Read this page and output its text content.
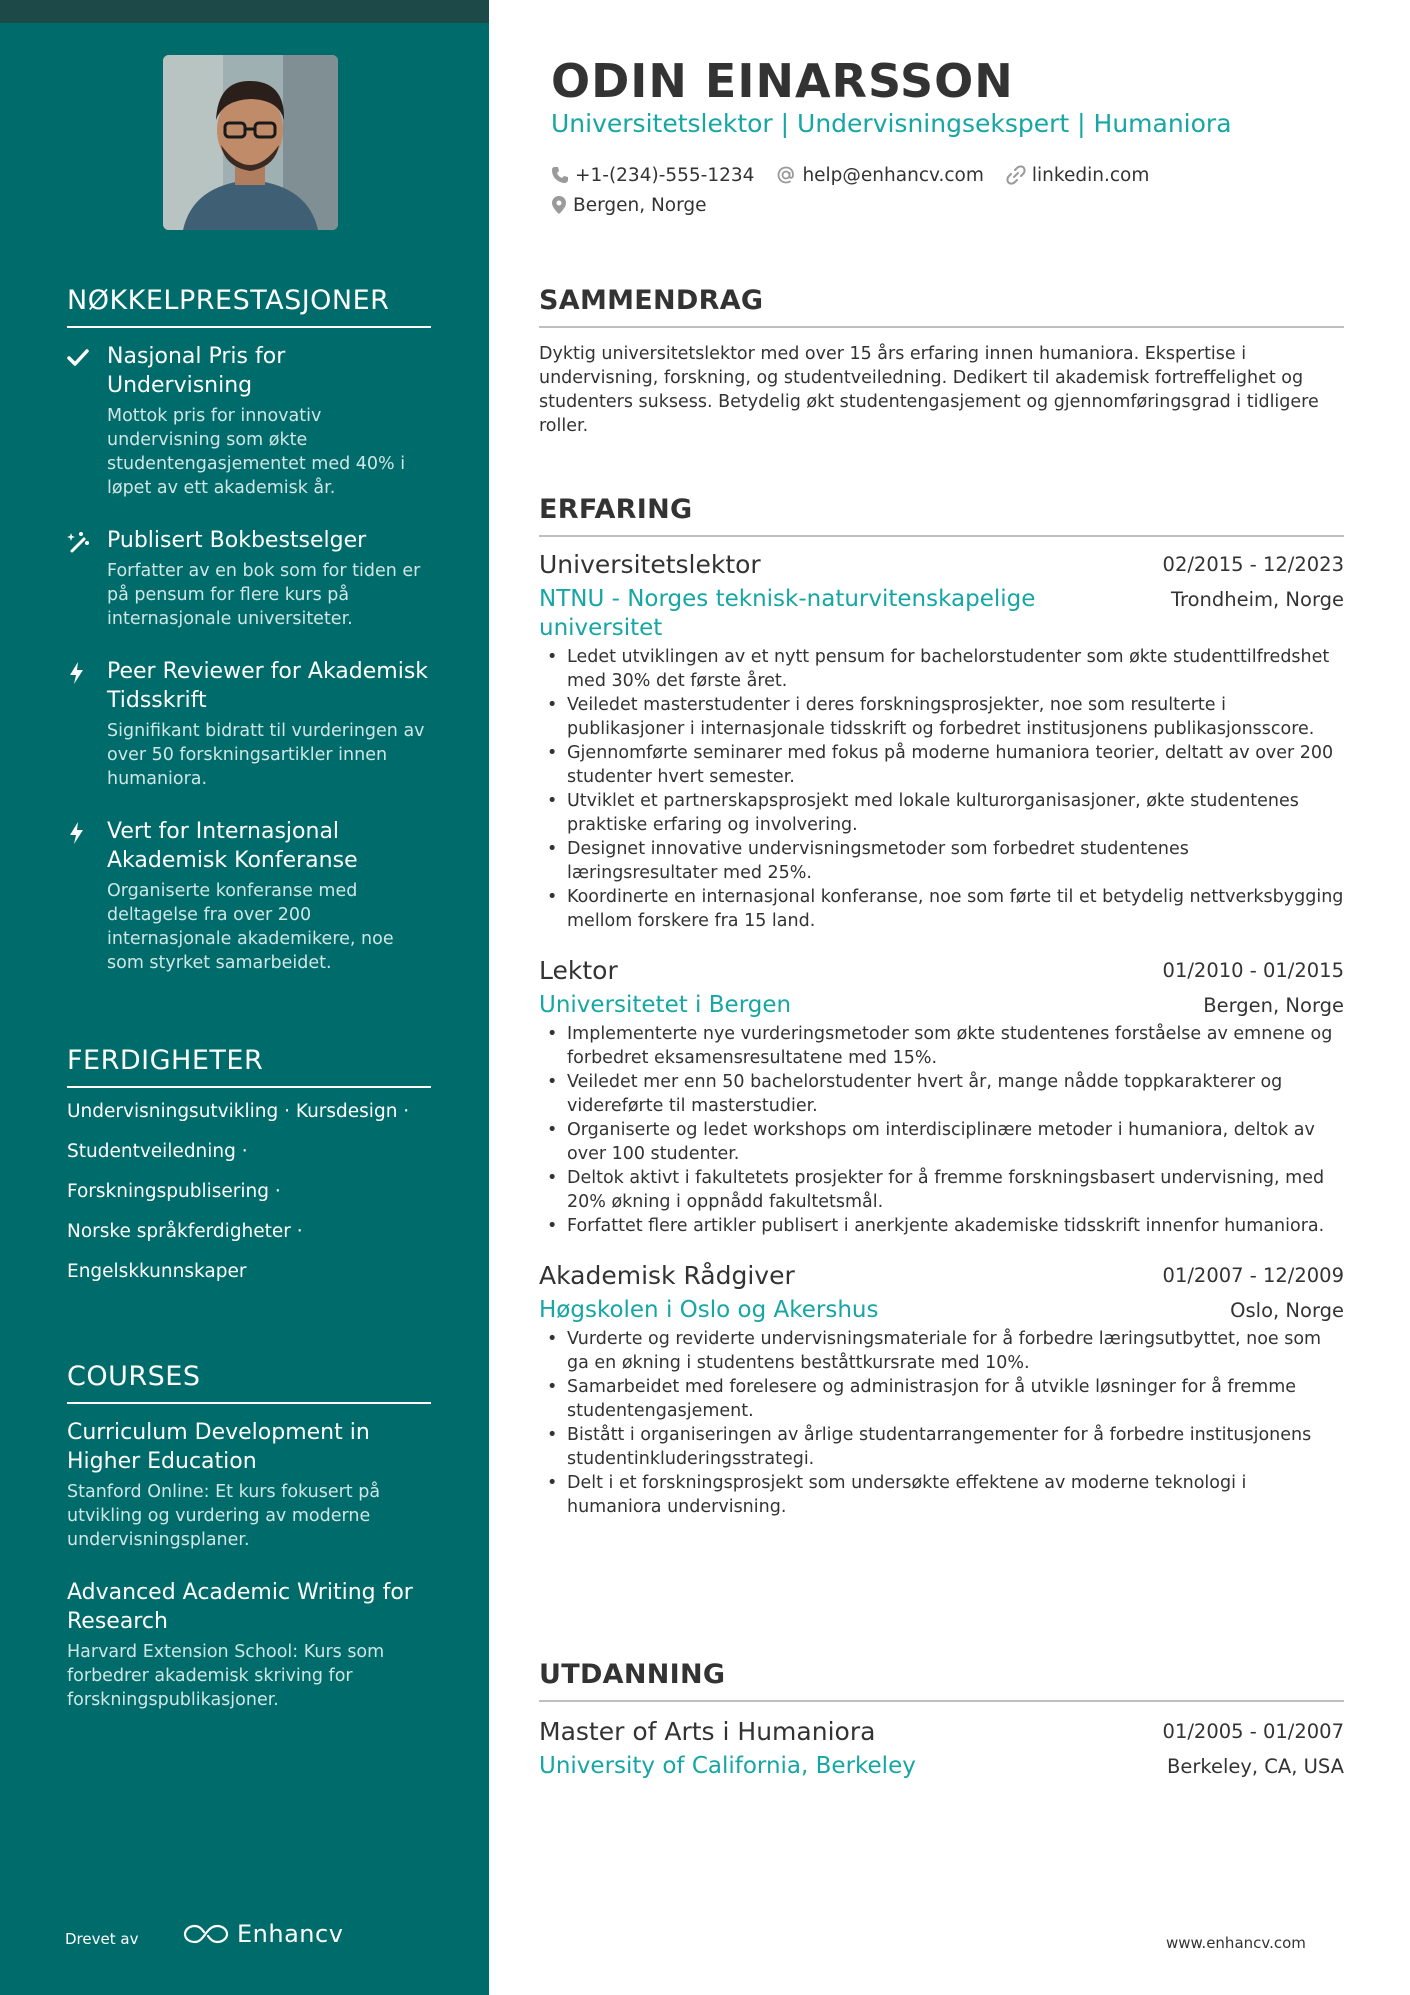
NØKKELPRESTASJONER
Nasjonal Pris for Undervisning
Mottok pris for innovativ undervisning som økte studentengasjementet med 40% i løpet av ett akademisk år.
Publisert Bokbestselger
Forfatter av en bok som for tiden er på pensum for flere kurs på internasjonale universiteter.
Peer Reviewer for Akademisk Tidsskrift
Signifikant bidratt til vurderingen av over 50 forskningsartikler innen humaniora.
Vert for Internasjonal Akademisk Konferanse
Organiserte konferanse med deltagelse fra over 200 internasjonale akademikere, noe som styrket samarbeidet.
FERDIGHETER
Undervisningsutvikling · Kursdesign ·
Studentveiledning ·
Forskningspublisering ·
Norske språkferdigheter ·
Engelskkunnskaper
COURSES
Curriculum Development in Higher Education
Stanford Online: Et kurs fokusert på utvikling og vurdering av moderne undervisningsplaner.
Advanced Academic Writing for Research
Harvard Extension School: Kurs som forbedrer akademisk skriving for forskningspublikasjoner.
Drevet av	Enhancv
ODIN EINARSSON
Universitetslektor | Undervisningsekspert | Humaniora
+1-(234)-555-1234	help@enhancv.com	linkedin.com
Bergen, Norge
SAMMENDRAG

Dyktig universitetslektor med over 15 års erfaring innen humaniora. Ekspertise i undervisning, forskning, og studentveiledning. Dedikert til akademisk fortreffelighet og studenters suksess. Betydelig økt studentengasjement og gjennomføringsgrad i tidligere roller.

ERFARING
Universitetslektor	02/2015 - 12/2023
NTNU - Norges teknisk-naturvitenskapelige universitet
Trondheim, Norge
• Ledet utviklingen av et nytt pensum for bachelorstudenter som økte studenttilfredshet med 30% det første året.
• Veiledet masterstudenter i deres forskningsprosjekter, noe som resulterte i publikasjoner i internasjonale tidsskrift og forbedret institusjonens publikasjonsscore.
• Gjennomførte seminarer med fokus på moderne humaniora teorier, deltatt av over 200 studenter hvert semester.
• Utviklet et partnerskapsprosjekt med lokale kulturorganisasjoner, økte studentenes praktiske erfaring og involvering.
• Designet innovative undervisningsmetoder som forbedret studentenes læringsresultater med 25%.
• Koordinerte en internasjonal konferanse, noe som førte til et betydelig nettverksbygging mellom forskere fra 15 land.
Lektor	01/2010 - 01/2015
Universitetet i Bergen	Bergen, Norge
• Implementerte nye vurderingsmetoder som økte studentenes forståelse av emnene og forbedret eksamensresultatene med 15%.
• Veiledet mer enn 50 bachelorstudenter hvert år, mange nådde toppkarakterer og videreførte til masterstudier.
• Organiserte og ledet workshops om interdisciplinære metoder i humaniora, deltok av over 100 studenter.
• Deltok aktivt i fakultetets prosjekter for å fremme forskningsbasert undervisning, med 20% økning i oppnådd fakultetsmål.
• Forfattet flere artikler publisert i anerkjente akademiske tidsskrift innenfor humaniora.
Akademisk Rådgiver	01/2007 - 12/2009
Høgskolen i Oslo og Akershus	Oslo, Norge
• Vurderte og reviderte undervisningsmateriale for å forbedre læringsutbyttet, noe som ga en økning i studentens beståttkursrate med 10%.
• Samarbeidet med forelesere og administrasjon for å utvikle løsninger for å fremme studentengasjement.
• Bistått i organiseringen av årlige studentarrangementer for å forbedre institusjonens studentinkluderingsstrategi.
• Delt i et forskningsprosjekt som undersøkte effektene av moderne teknologi i humaniora undervisning.
UTDANNING
Master of Arts i Humaniora	01/2005 - 01/2007
University of California, Berkeley	Berkeley, CA, USA
www.enhancv.com
